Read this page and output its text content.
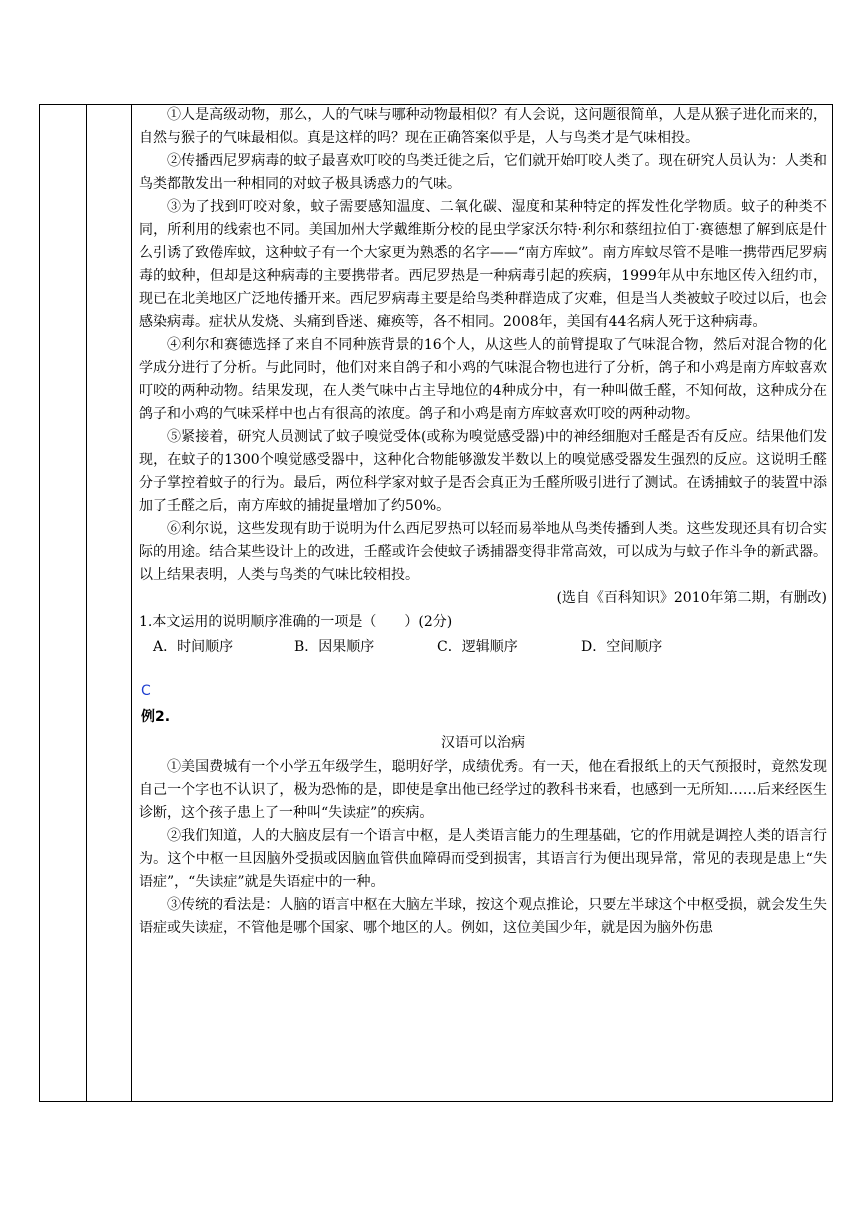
①人是高级动物，那么，人的气味与哪种动物最相似？有人会说，这问题很简单，人是从猴子进化而来的，自然与猴子的气味最相似。真是这样的吗？现在正确答案似乎是，人与鸟类才是气味相投。

②传播西尼罗病毒的蚊子最喜欢叮咬的鸟类迁徙之后，它们就开始叮咬人类了。现在研究人员认为：人类和鸟类都散发出一种相同的对蚊子极具诱惑力的气味。

③为了找到叮咬对象，蚊子需要感知温度、二氧化碳、湿度和某种特定的挥发性化学物质。蚊子的种类不同，所利用的线索也不同。美国加州大学戴维斯分校的昆虫学家沃尔特·利尔和蔡纽拉伯丁·赛德想了解到底是什么引诱了致倦库蚊，这种蚊子有一个大家更为熟悉的名字——“南方库蚊”。南方库蚊尽管不是唯一携带西尼罗病毒的蚊种，但却是这种病毒的主要携带者。西尼罗热是一种病毒引起的疾病，1999年从中东地区传入纽约市，现已在北美地区广泛地传播开来。西尼罗病毒主要是给鸟类种群造成了灾难，但是当人类被蚊子咬过以后，也会感染病毒。症状从发烧、头痛到昏迷、瘫痪等，各不相同。2008年，美国有44名病人死于这种病毒。

④利尔和赛德选择了来自不同种族背景的16个人，从这些人的前臂提取了气味混合物，然后对混合物的化学成分进行了分析。与此同时，他们对来自鸽子和小鸡的气味混合物也进行了分析，鸽子和小鸡是南方库蚊喜欢叮咬的两种动物。结果发现，在人类气味中占主导地位的4种成分中，有一种叫做壬醛，不知何故，这种成分在鸽子和小鸡的气味采样中也占有很高的浓度。鸽子和小鸡是南方库蚊喜欢叮咬的两种动物。

⑤紧接着，研究人员测试了蚊子嗅觉受体(或称为嗅觉感受器)中的神经细胞对壬醛是否有反应。结果他们发现，在蚊子的1300个嗅觉感受器中，这种化合物能够激发半数以上的嗅觉感受器发生强烈的反应。这说明壬醛分子掌控着蚊子的行为。最后，两位科学家对蚊子是否会真正为壬醛所吸引进行了测试。在诱捕蚊子的装置中添加了壬醛之后，南方库蚊的捕捉量增加了约50%。

⑥利尔说，这些发现有助于说明为什么西尼罗热可以轻而易举地从鸟类传播到人类。这些发现还具有切合实际的用途。结合某些设计上的改进，壬醛或许会使蚊子诱捕器变得非常高效，可以成为与蚊子作斗争的新武器。以上结果表明，人类与鸟类的气味比较相投。

(选自《百科知识》2010年第二期，有删改)

1.本文运用的说明顺序准确的一项是（　　）(2分)

A．时间顺序	B．因果顺序	C．逻辑顺序	D．空间顺序

C

例2.

汉语可以治病

①美国费城有一个小学五年级学生，聪明好学，成绩优秀。有一天，他在看报纸上的天气预报时，竟然发现自己一个字也不认识了，极为恐怖的是，即使是拿出他已经学过的教科书来看，也感到一无所知……后来经医生诊断，这个孩子患上了一种叫“失读症”的疾病。

②我们知道，人的大脑皮层有一个语言中枢，是人类语言能力的生理基础，它的作用就是调控人类的语言行为。这个中枢一旦因脑外受损或因脑血管供血障碍而受到损害，其语言行为便出现异常，常见的表现是患上“失语症”，“失读症”就是失语症中的一种。

③传统的看法是：人脑的语言中枢在大脑左半球，按这个观点推论，只要左半球这个中枢受损，就会发生失语症或失读症，不管他是哪个国家、哪个地区的人。例如，这位美国少年，就是因为脑外伤患
